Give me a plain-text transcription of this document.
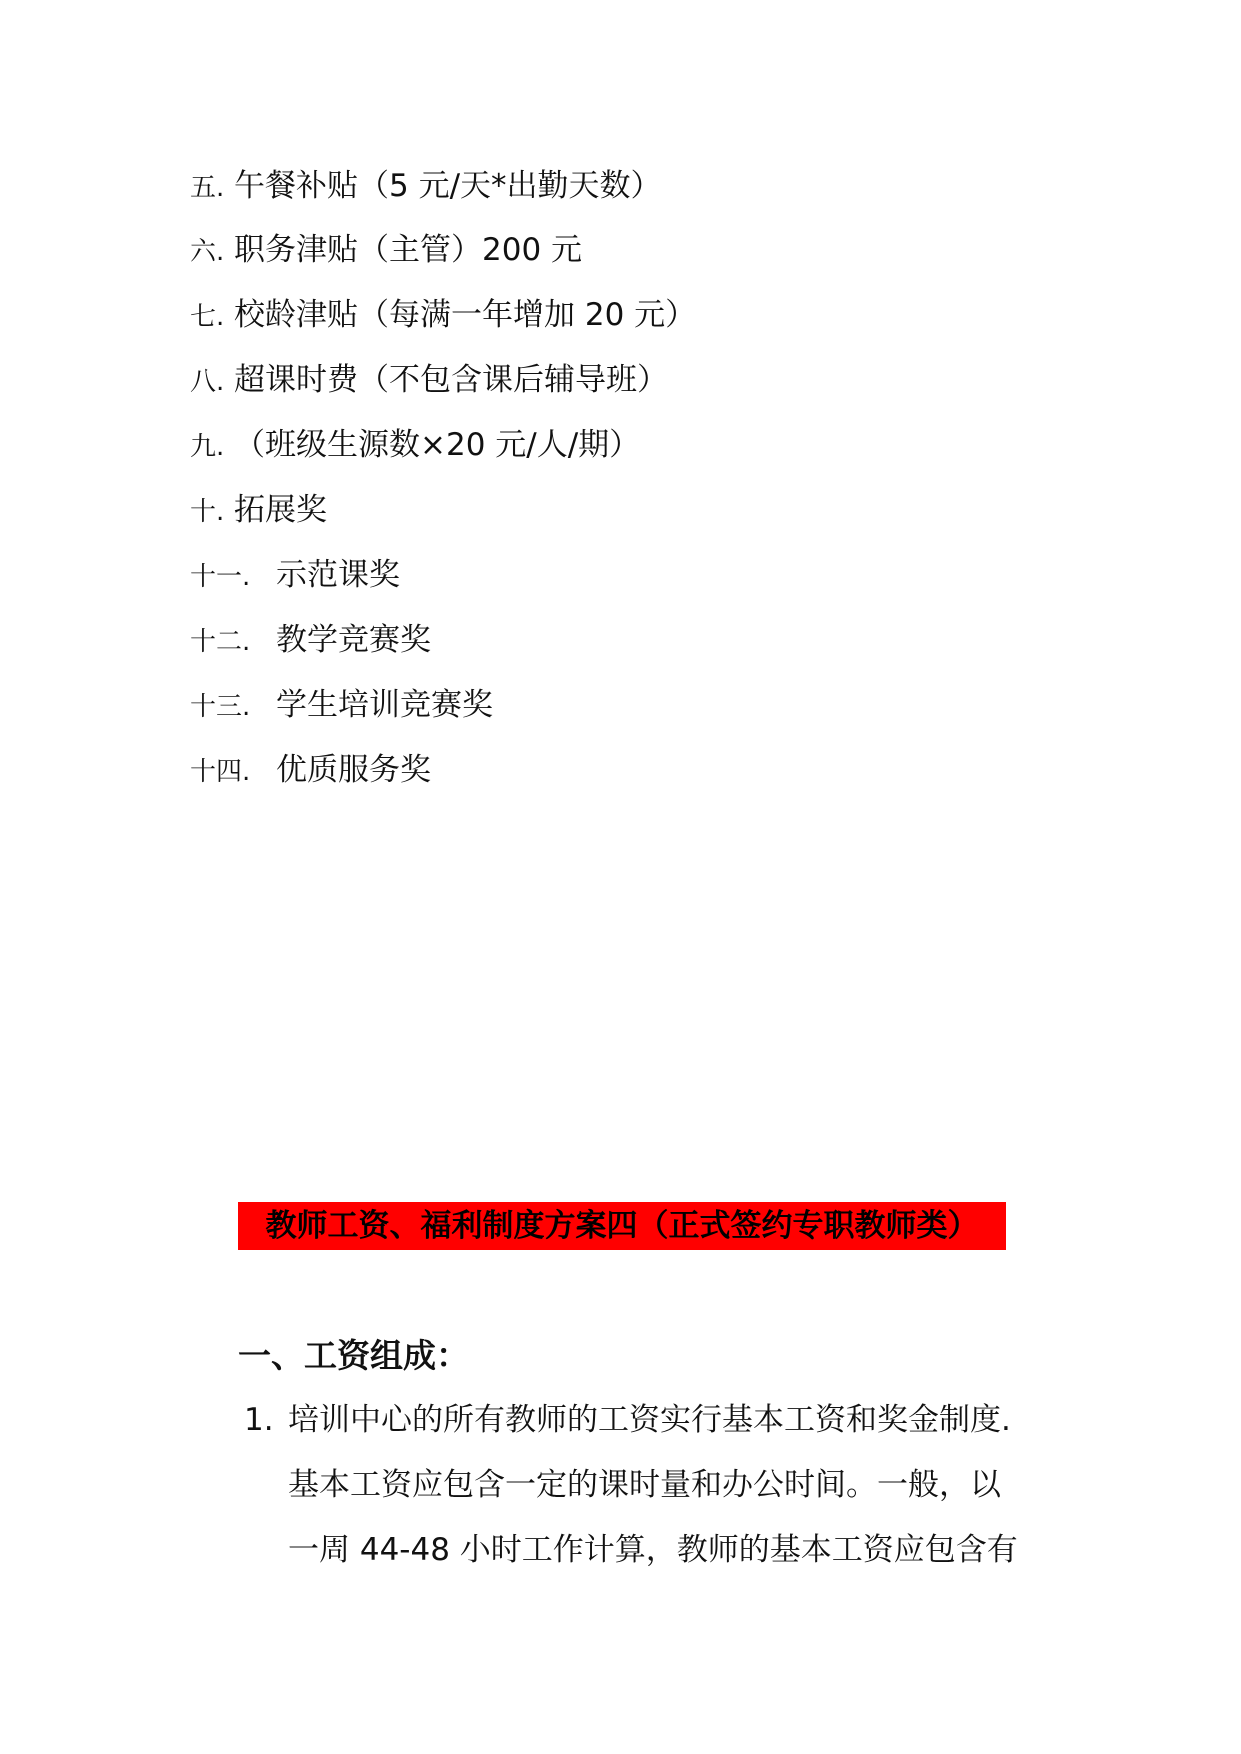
五. 午餐补贴（5 元/天*出勤天数）
六. 职务津贴（主管）200 元
七. 校龄津贴（每满一年增加 20 元）
八. 超课时费（不包含课后辅导班）
九. （班级生源数×20 元/人/期）
十. 拓展奖
十一. 示范课奖
十二. 教学竞赛奖
十三. 学生培训竞赛奖
十四. 优质服务奖
教师工资、福利制度方案四（正式签约专职教师类）
一、工资组成：
1. 培训中心的所有教师的工资实行基本工资和奖金制度.
基本工资应包含一定的课时量和办公时间。一般，以
一周 44-48 小时工作计算，教师的基本工资应包含有
